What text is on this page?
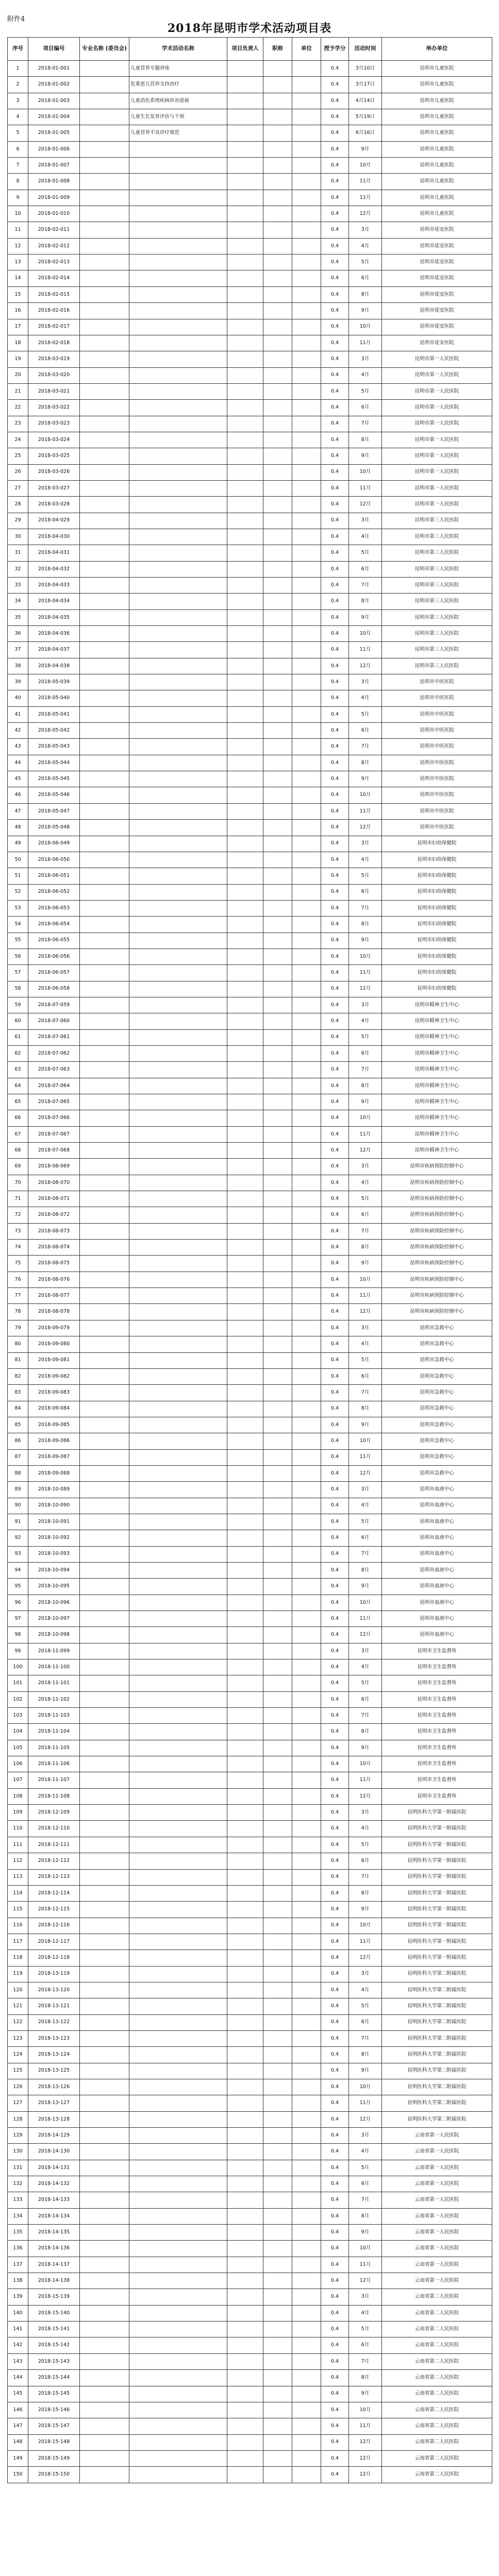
附件4
2018年昆明市学术活动项目表
序号	项目编号	专业名称 (委员会)	学术活动名称	项目负责人	职称	单位	授予学分	活动时间	举办单位
1	2018-01-001		儿童营养专题讲座				0.4	3月10日	昆明市儿童医院
2	2018-01-002		危重患儿营养支持治疗				0.4	3月17日	昆明市儿童医院
3	2018-01-003		儿童消化系统疾病诊治进展				0.4	4月14日	昆明市儿童医院
4	2018-01-004		儿童生长发育评估与干预				0.4	5月19日	昆明市儿童医院
5	2018-01-005		儿童营养不良诊疗规范				0.4	6月16日	昆明市儿童医院
6	2018-01-006						0.4	9月	昆明市儿童医院
7	2018-01-007						0.4	10月	昆明市儿童医院
8	2018-01-008						0.4	11月	昆明市儿童医院
9	2018-01-009						0.4	11月	昆明市儿童医院
10	2018-01-010						0.4	12月	昆明市儿童医院
11	2018-02-011						0.4	3月	昆明市延安医院
12	2018-02-012						0.4	4月	昆明市延安医院
13	2018-02-013						0.4	5月	昆明市延安医院
14	2018-02-014						0.4	6月	昆明市延安医院
15	2018-02-015						0.4	8月	昆明市延安医院
16	2018-02-016						0.4	9月	昆明市延安医院
17	2018-02-017						0.4	10月	昆明市延安医院
18	2018-02-018						0.4	11月	昆明市延安医院
19	2018-03-019						0.4	3月	昆明市第一人民医院
20	2018-03-020						0.4	4月	昆明市第一人民医院
21	2018-03-021						0.4	5月	昆明市第一人民医院
22	2018-03-022						0.4	6月	昆明市第一人民医院
23	2018-03-023						0.4	7月	昆明市第一人民医院
24	2018-03-024						0.4	8月	昆明市第一人民医院
25	2018-03-025						0.4	9月	昆明市第一人民医院
26	2018-03-026						0.4	10月	昆明市第一人民医院
27	2018-03-027						0.4	11月	昆明市第一人民医院
28	2018-03-028						0.4	12月	昆明市第一人民医院
29	2018-04-029						0.4	3月	昆明市第三人民医院
30	2018-04-030						0.4	4月	昆明市第三人民医院
31	2018-04-031						0.4	5月	昆明市第三人民医院
32	2018-04-032						0.4	6月	昆明市第三人民医院
33	2018-04-033						0.4	7月	昆明市第三人民医院
34	2018-04-034						0.4	8月	昆明市第三人民医院
35	2018-04-035						0.4	9月	昆明市第三人民医院
36	2018-04-036						0.4	10月	昆明市第三人民医院
37	2018-04-037						0.4	11月	昆明市第三人民医院
38	2018-04-038						0.4	12月	昆明市第三人民医院
39	2018-05-039						0.4	3月	昆明市中医医院
40	2018-05-040						0.4	4月	昆明市中医医院
41	2018-05-041						0.4	5月	昆明市中医医院
42	2018-05-042						0.4	6月	昆明市中医医院
43	2018-05-043						0.4	7月	昆明市中医医院
44	2018-05-044						0.4	8月	昆明市中医医院
45	2018-05-045						0.4	9月	昆明市中医医院
46	2018-05-046						0.4	10月	昆明市中医医院
47	2018-05-047						0.4	11月	昆明市中医医院
48	2018-05-048						0.4	12月	昆明市中医医院
49	2018-06-049						0.4	3月	昆明市妇幼保健院
50	2018-06-050						0.4	4月	昆明市妇幼保健院
51	2018-06-051						0.4	5月	昆明市妇幼保健院
52	2018-06-052						0.4	6月	昆明市妇幼保健院
53	2018-06-053						0.4	7月	昆明市妇幼保健院
54	2018-06-054						0.4	8月	昆明市妇幼保健院
55	2018-06-055						0.4	9月	昆明市妇幼保健院
56	2018-06-056						0.4	10月	昆明市妇幼保健院
57	2018-06-057						0.4	11月	昆明市妇幼保健院
58	2018-06-058						0.4	12月	昆明市妇幼保健院
59	2018-07-059						0.4	3月	昆明市精神卫生中心
60	2018-07-060						0.4	4月	昆明市精神卫生中心
61	2018-07-061						0.4	5月	昆明市精神卫生中心
62	2018-07-062						0.4	6月	昆明市精神卫生中心
63	2018-07-063						0.4	7月	昆明市精神卫生中心
64	2018-07-064						0.4	8月	昆明市精神卫生中心
65	2018-07-065						0.4	9月	昆明市精神卫生中心
66	2018-07-066						0.4	10月	昆明市精神卫生中心
67	2018-07-067						0.4	11月	昆明市精神卫生中心
68	2018-07-068						0.4	12月	昆明市精神卫生中心
69	2018-08-069						0.4	3月	昆明市疾病预防控制中心
70	2018-08-070						0.4	4月	昆明市疾病预防控制中心
71	2018-08-071						0.4	5月	昆明市疾病预防控制中心
72	2018-08-072						0.4	6月	昆明市疾病预防控制中心
73	2018-08-073						0.4	7月	昆明市疾病预防控制中心
74	2018-08-074						0.4	8月	昆明市疾病预防控制中心
75	2018-08-075						0.4	9月	昆明市疾病预防控制中心
76	2018-08-076						0.4	10月	昆明市疾病预防控制中心
77	2018-08-077						0.4	11月	昆明市疾病预防控制中心
78	2018-08-078						0.4	12月	昆明市疾病预防控制中心
79	2018-09-079						0.4	3月	昆明市急救中心
80	2018-09-080						0.4	4月	昆明市急救中心
81	2018-09-081						0.4	5月	昆明市急救中心
82	2018-09-082						0.4	6月	昆明市急救中心
83	2018-09-083						0.4	7月	昆明市急救中心
84	2018-09-084						0.4	8月	昆明市急救中心
85	2018-09-085						0.4	9月	昆明市急救中心
86	2018-09-086						0.4	10月	昆明市急救中心
87	2018-09-087						0.4	11月	昆明市急救中心
88	2018-09-088						0.4	12月	昆明市急救中心
89	2018-10-089						0.4	3月	昆明市血液中心
90	2018-10-090						0.4	4月	昆明市血液中心
91	2018-10-091						0.4	5月	昆明市血液中心
92	2018-10-092						0.4	6月	昆明市血液中心
93	2018-10-093						0.4	7月	昆明市血液中心
94	2018-10-094						0.4	8月	昆明市血液中心
95	2018-10-095						0.4	9月	昆明市血液中心
96	2018-10-096						0.4	10月	昆明市血液中心
97	2018-10-097						0.4	11月	昆明市血液中心
98	2018-10-098						0.4	12月	昆明市血液中心
99	2018-11-099						0.4	3月	昆明市卫生监督所
100	2018-11-100						0.4	4月	昆明市卫生监督所
101	2018-11-101						0.4	5月	昆明市卫生监督所
102	2018-11-102						0.4	6月	昆明市卫生监督所
103	2018-11-103						0.4	7月	昆明市卫生监督所
104	2018-11-104						0.4	8月	昆明市卫生监督所
105	2018-11-105						0.4	9月	昆明市卫生监督所
106	2018-11-106						0.4	10月	昆明市卫生监督所
107	2018-11-107						0.4	11月	昆明市卫生监督所
108	2018-11-108						0.4	12月	昆明市卫生监督所
109	2018-12-109						0.4	3月	昆明医科大学第一附属医院
110	2018-12-110						0.4	4月	昆明医科大学第一附属医院
111	2018-12-111						0.4	5月	昆明医科大学第一附属医院
112	2018-12-112						0.4	6月	昆明医科大学第一附属医院
113	2018-12-113						0.4	7月	昆明医科大学第一附属医院
114	2018-12-114						0.4	8月	昆明医科大学第一附属医院
115	2018-12-115						0.4	9月	昆明医科大学第一附属医院
116	2018-12-116						0.4	10月	昆明医科大学第一附属医院
117	2018-12-117						0.4	11月	昆明医科大学第一附属医院
118	2018-12-118						0.4	12月	昆明医科大学第一附属医院
119	2018-13-119						0.4	3月	昆明医科大学第二附属医院
120	2018-13-120						0.4	4月	昆明医科大学第二附属医院
121	2018-13-121						0.4	5月	昆明医科大学第二附属医院
122	2018-13-122						0.4	6月	昆明医科大学第二附属医院
123	2018-13-123						0.4	7月	昆明医科大学第二附属医院
124	2018-13-124						0.4	8月	昆明医科大学第二附属医院
125	2018-13-125						0.4	9月	昆明医科大学第二附属医院
126	2018-13-126						0.4	10月	昆明医科大学第二附属医院
127	2018-13-127						0.4	11月	昆明医科大学第二附属医院
128	2018-13-128						0.4	12月	昆明医科大学第二附属医院
129	2018-14-129						0.4	3月	云南省第一人民医院
130	2018-14-130						0.4	4月	云南省第一人民医院
131	2018-14-131						0.4	5月	云南省第一人民医院
132	2018-14-132						0.4	6月	云南省第一人民医院
133	2018-14-133						0.4	7月	云南省第一人民医院
134	2018-14-134						0.4	8月	云南省第一人民医院
135	2018-14-135						0.4	9月	云南省第一人民医院
136	2018-14-136						0.4	10月	云南省第一人民医院
137	2018-14-137						0.4	11月	云南省第一人民医院
138	2018-14-138						0.4	12月	云南省第一人民医院
139	2018-15-139						0.4	3月	云南省第二人民医院
140	2018-15-140						0.4	4月	云南省第二人民医院
141	2018-15-141						0.4	5月	云南省第二人民医院
142	2018-15-142						0.4	6月	云南省第二人民医院
143	2018-15-143						0.4	7月	云南省第二人民医院
144	2018-15-144						0.4	8月	云南省第二人民医院
145	2018-15-145						0.4	9月	云南省第二人民医院
146	2018-15-146						0.4	10月	云南省第二人民医院
147	2018-15-147						0.4	11月	云南省第二人民医院
148	2018-15-148						0.4	12月	云南省第二人民医院
149	2018-15-149						0.4	12月	云南省第二人民医院
150	2018-15-150						0.4	12月	云南省第二人民医院
